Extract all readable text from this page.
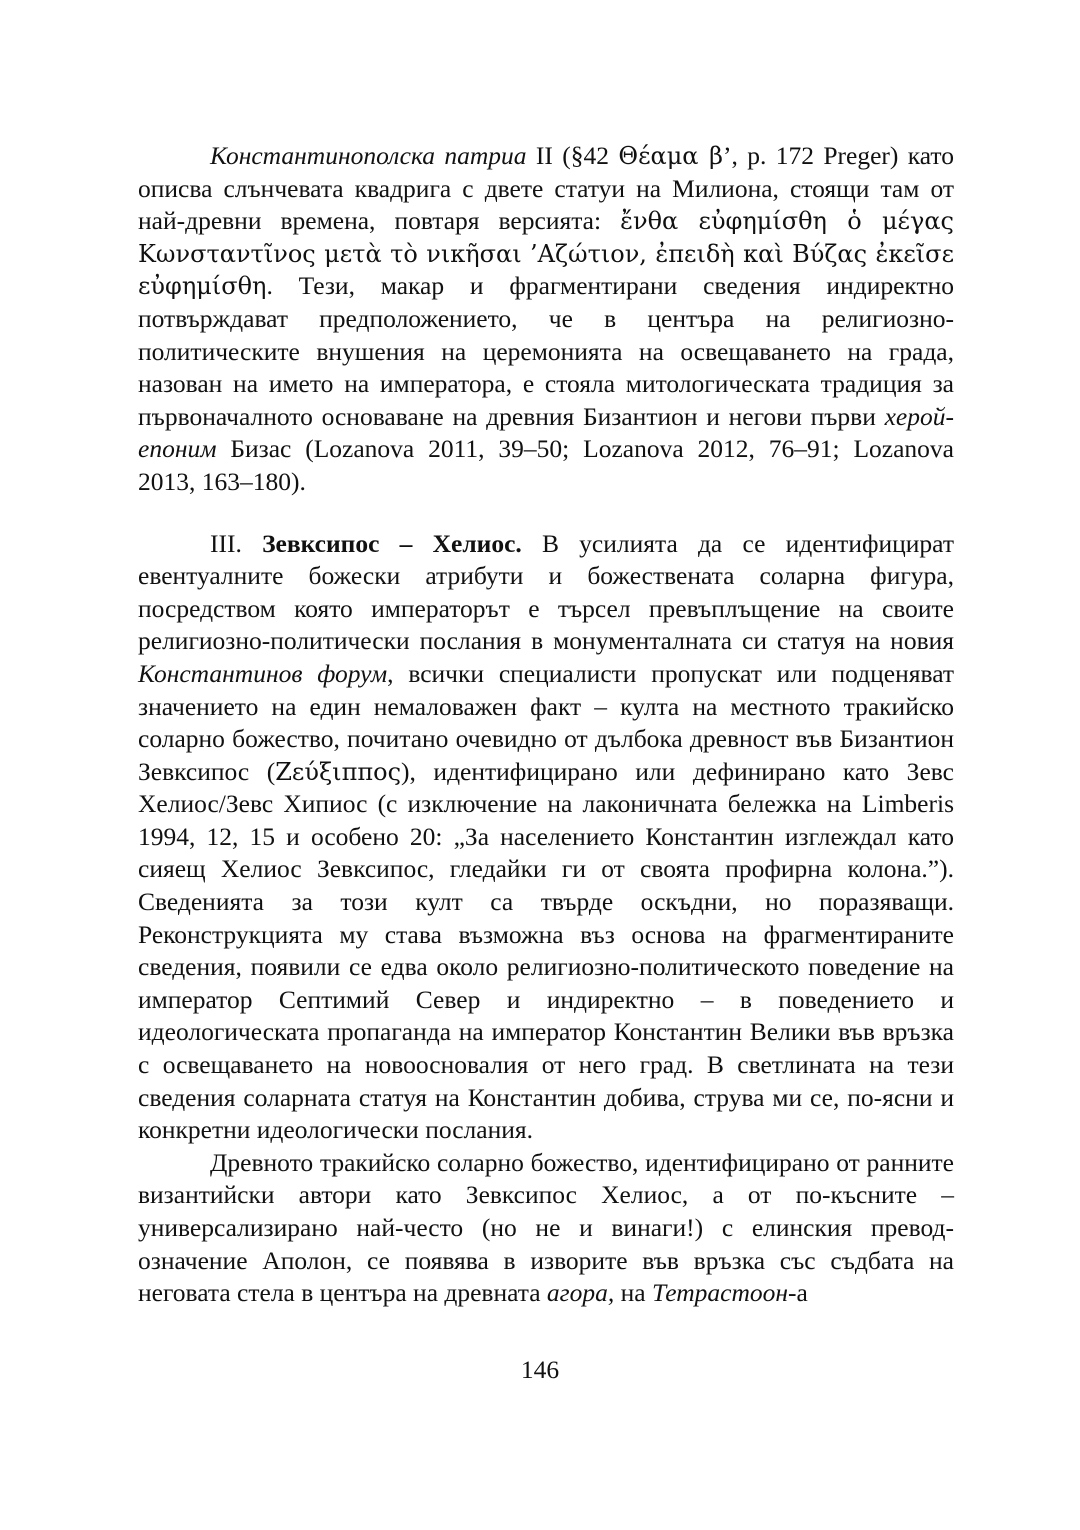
Константинополска патриа II (§42 Θέαμα β’, p. 172 Preger) като описва слънчевата квадрига с двете статуи на Милиона, стоящи там от най-древни времена, повтаря версията: ἔνθα εὐφημίσθη ὁ μέγας Κωνσταντῖνος μετὰ τὸ νικῆσαι ’Αζώτιον, ἐπειδὴ καὶ Βύζας ἐκεῖσε εὐφημίσθη. Тези, макар и фрагментирани сведения индиректно потвърждават предположението, че в центъра на религиозно-политическите внушения на церемонията на освещаването на града, назован на името на императора, е стояла митологическата традиция за първоначалното основаване на древния Бизантион и негови първи херой-епоним Бизас (Lozanova 2011, 39–50; Lozanova 2012, 76–91; Lozanova 2013, 163–180).

III. Зевксипос – Хелиос. В усилията да се идентифицират евентуалните божески атрибути и божествената соларна фигура, посредством която императорът е търсел превъплъщение на своите религиозно-политически послания в монументалната си статуя на новия Константинов форум, всички специалисти пропускат или подценяват значението на един немаловажен факт – култа на местното тракийско соларно божество, почитано очевидно от дълбока древност във Бизантион Зевксипос (Ζεύξιππος), идентифицирано или дефинирано като Зевс Хелиос/Зевс Хипиос (с изключение на лаконичната бележка на Limberis 1994, 12, 15 и особено 20: „За населението Константин изглеждал като сияещ Хелиос Зевксипос, гледайки ги от своята профирна колона.”). Сведенията за този култ са твърде оскъдни, но поразяващи. Реконструкцията му става възможна въз основа на фрагментираните сведения, появили се едва около религиозно-политическото поведение на император Септимий Север и индиректно – в поведението и идеологическата пропаганда на император Константин Велики във връзка с освещаването на новоосновалия от него град. В светлината на тези сведения соларната статуя на Константин добива, струва ми се, по-ясни и конкретни идеологически послания.

Древното тракийско соларно божество, идентифицирано от ранните византийски автори като Зевксипос Хелиос, а от по-късните – универсализирано най-често (но не и винаги!) с елинския преводозначение Аполон, се появява в изворите във връзка със съдбата на неговата стела в центъра на древната агора, на Тетрастоон-а

146
